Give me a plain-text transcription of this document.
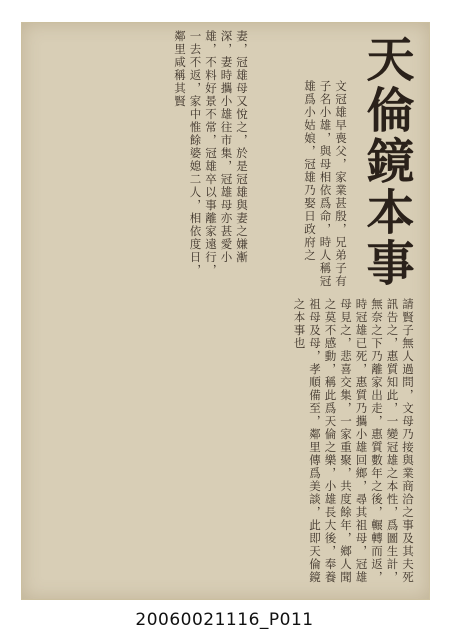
天倫鏡本事
文冠雄早喪父，家業甚殷，兄弟子有子名小雄，與母相依爲命，時人稱冠雄爲小姑娘，冠雄乃娶日政府之
妻，冠雄母又悅之，於是冠雄與妻之嫌漸深，妻時攜小雄往市集，冠雄母亦甚愛小雄，不料好景不常，冠雄卒以事離家遠行，一去不返，家中惟餘婆媳二人，相依度日，鄰里咸稱其賢
請賢子無人過問，文母乃接與業商洽之事及其夫死訊告之，惠質知此，一變冠雄之本性，爲圖生計，無奈之下乃離家出走，惠質數年之後，輾轉而返，時冠雄已死，惠質乃攜小雄回鄉，尋其祖母，冠雄母見之，悲喜交集，一家重聚，共度餘年，鄉人聞之莫不感動，稱此爲天倫之樂，小雄長大後，奉養祖母及母，孝順備至，鄰里傳爲美談，此即天倫鏡之本事也
20060021116_P011
